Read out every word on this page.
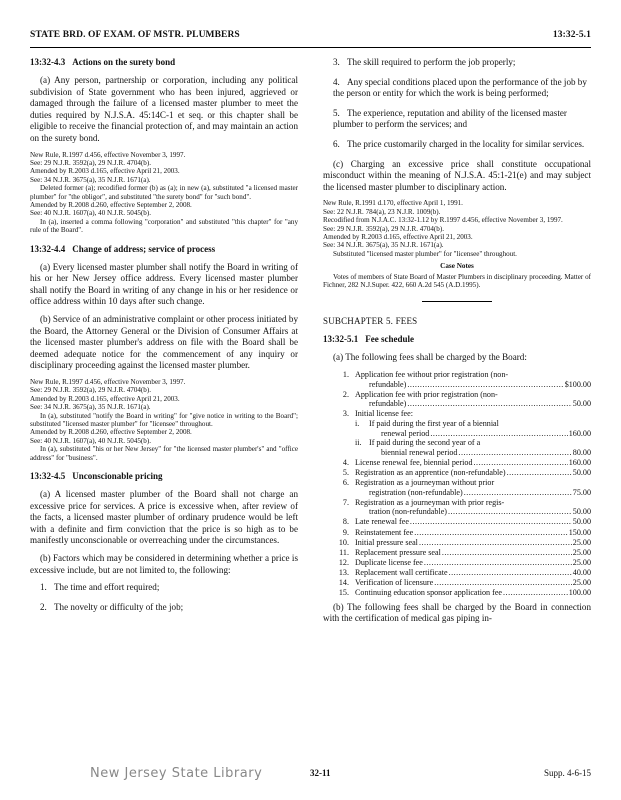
STATE BRD. OF EXAM. OF MSTR. PLUMBERS	13:32-5.1
13:32-4.3 Actions on the surety bond

(a) Any person, partnership or corporation, including any political subdivision of State government who has been injured, aggrieved or damaged through the failure of a licensed master plumber to meet the duties required by N.J.S.A. 45:14C-1 et seq. or this chapter shall be eligible to receive the financial protection of, and may maintain an action on the surety bond.

New Rule, R.1997 d.456, effective November 3, 1997.
See: 29 N.J.R. 3592(a), 29 N.J.R. 4704(b).
Amended by R.2003 d.165, effective April 21, 2003.
See: 34 N.J.R. 3675(a), 35 N.J.R. 1671(a).
Deleted former (a); recodified former (b) as (a); in new (a), substituted "a licensed master plumber" for "the obligor", and substituted "the surety bond" for "such bond".
Amended by R.2008 d.260, effective September 2, 2008.
See: 40 N.J.R. 1607(a), 40 N.J.R. 5045(b).
In (a), inserted a comma following "corporation" and substituted "this chapter" for "any rule of the Board".
13:32-4.4 Change of address; service of process

(a) Every licensed master plumber shall notify the Board in writing of his or her New Jersey office address. Every licensed master plumber shall notify the Board in writing of any change in his or her residence or office address within 10 days after such change.

(b) Service of an administrative complaint or other process initiated by the Board, the Attorney General or the Division of Consumer Affairs at the licensed master plumber's address on file with the Board shall be deemed adequate notice for the commencement of any inquiry or disciplinary proceeding against the licensed master plumber.

New Rule, R.1997 d.456, effective November 3, 1997.
See: 29 N.J.R. 3592(a), 29 N.J.R. 4704(b).
Amended by R.2003 d.165, effective April 21, 2003.
See: 34 N.J.R. 3675(a), 35 N.J.R. 1671(a).
In (a), substituted "notify the Board in writing" for "give notice in writing to the Board"; substituted "licensed master plumber" for "licensee" throughout.
Amended by R.2008 d.260, effective September 2, 2008.
See: 40 N.J.R. 1607(a), 40 N.J.R. 5045(b).
In (a), substituted "his or her New Jersey" for "the licensed master plumber's" and "office address" for "business".
13:32-4.5 Unconscionable pricing

(a) A licensed master plumber of the Board shall not charge an excessive price for services. A price is excessive when, after review of the facts, a licensed master plumber of ordinary prudence would be left with a definite and firm conviction that the price is so high as to be manifestly unconscionable or overreaching under the circumstances.

(b) Factors which may be considered in determining whether a price is excessive include, but are not limited to, the following:

1. The time and effort required;
2. The novelty or difficulty of the job;
3. The skill required to perform the job properly;
4. Any special conditions placed upon the performance of the job by the person or entity for which the work is being performed;
5. The experience, reputation and ability of the licensed master plumber to perform the services; and
6. The price customarily charged in the locality for similar services.

(c) Charging an excessive price shall constitute occupational misconduct within the meaning of N.J.S.A. 45:1-21(e) and may subject the licensed master plumber to disciplinary action.

New Rule, R.1991 d.170, effective April 1, 1991.
See: 22 N.J.R. 784(a), 23 N.J.R. 1009(b).
Recodified from N.J.A.C. 13:32-1.12 by R.1997 d.456, effective November 3, 1997.
See: 29 N.J.R. 3592(a), 29 N.J.R. 4704(b).
Amended by R.2003 d.165, effective April 21, 2003.
See: 34 N.J.R. 3675(a), 35 N.J.R. 1671(a).
Substituted "licensed master plumber" for "licensee" throughout.
Case Notes
Votes of members of State Board of Master Plumbers in disciplinary proceeding. Matter of Fichner, 282 N.J.Super. 422, 660 A.2d 545 (A.D.1995).
SUBCHAPTER 5. FEES
13:32-5.1 Fee schedule

(a) The following fees shall be charged by the Board:

1. Application fee without prior registration (non-
refundable) .....	$100.00
2. Application fee with prior registration (non-
refundable) .....	50.00
3. Initial license fee:
i. If paid during the first year of a biennial
renewal period .....	160.00
ii. If paid during the second year of a
biennial renewal period .....	80.00
4. License renewal fee, biennial period .....	160.00
5. Registration as an apprentice (non-refundable) .....	50.00
6. Registration as a journeyman without prior
registration (non-refundable) .....	75.00
7. Registration as a journeyman with prior regis-
tration (non-refundable) .....	50.00
8. Late renewal fee .....	50.00
9. Reinstatement fee .....	150.00
10. Initial pressure seal .....	25.00
11. Replacement pressure seal .....	25.00
12. Duplicate license fee .....	25.00
13. Replacement wall certificate .....	40.00
14. Verification of licensure .....	25.00
15. Continuing education sponsor application fee .....	100.00

(b) The following fees shall be charged by the Board in connection with the certification of medical gas piping in-

New Jersey State Library	32-11	Supp. 4-6-15
